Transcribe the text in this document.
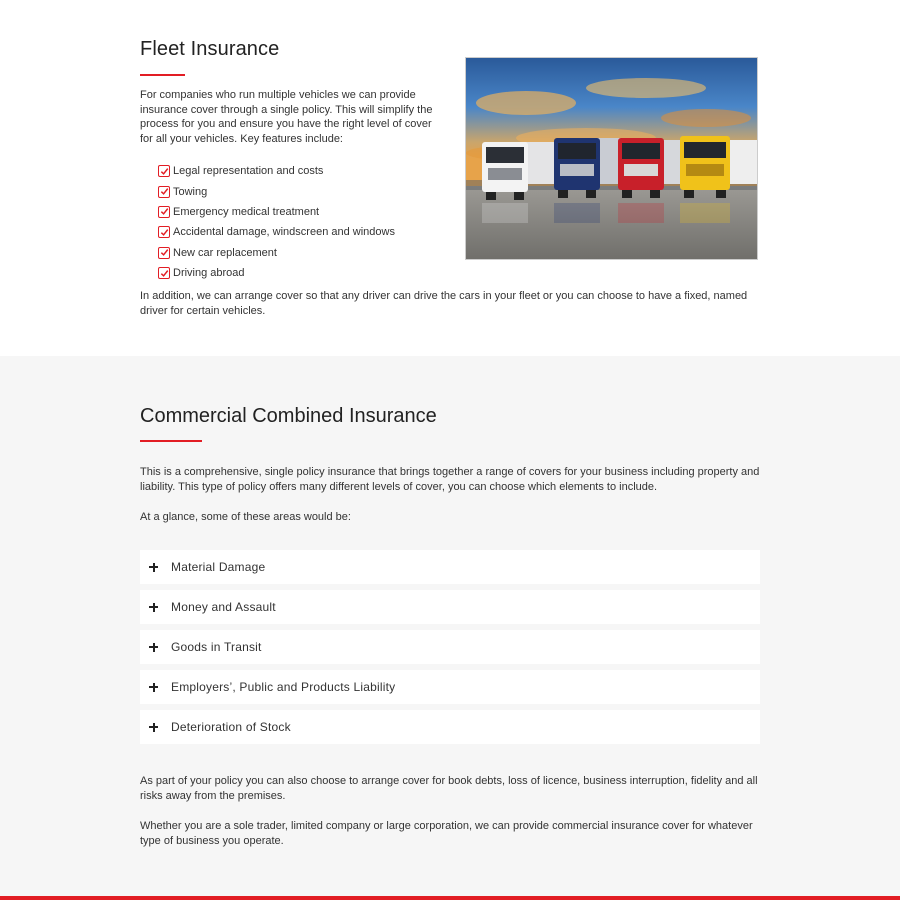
Fleet Insurance

For companies who run multiple vehicles we can provide insurance cover through a single policy. This will simplify the process for you and ensure you have the right level of cover for all your vehicles. Key features include:

Legal representation and costs
Towing
Emergency medical treatment
Accidental damage, windscreen and windows
New car replacement
Driving abroad

In addition, we can arrange cover so that any driver can drive the cars in your fleet or you can choose to have a fixed, named driver for certain vehicles.

Commercial Combined Insurance

This is a comprehensive, single policy insurance that brings together a range of covers for your business including property and liability. This type of policy offers many different levels of cover, you can choose which elements to include.

At a glance, some of these areas would be:

Material Damage
Money and Assault
Goods in Transit
Employers’, Public and Products Liability
Deterioration of Stock

As part of your policy you can also choose to arrange cover for book debts, loss of licence, business interruption, fidelity and all risks away from the premises.

Whether you are a sole trader, limited company or large corporation, we can provide commercial insurance cover for whatever type of business you operate.
